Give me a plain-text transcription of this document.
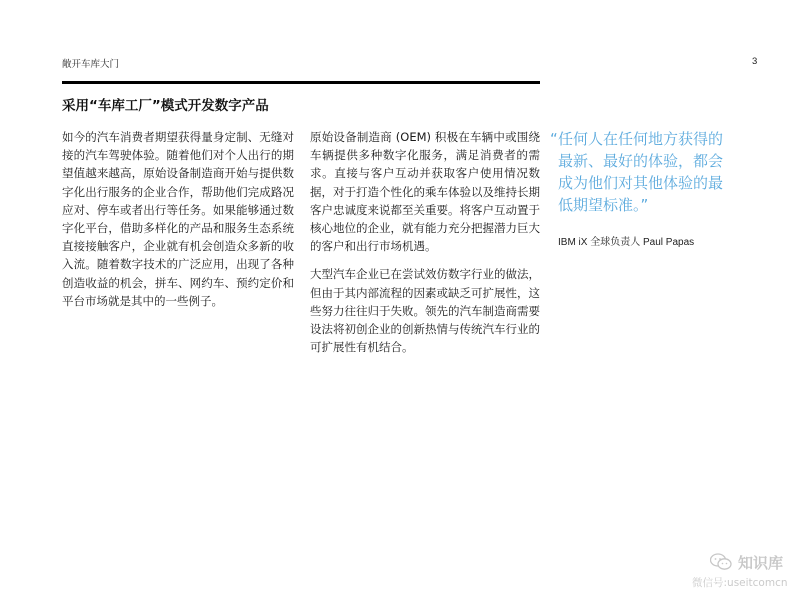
敞开车库大门	3
采用“车库工厂”模式开发数字产品

如今的汽车消费者期望获得量身定制、无缝对接的汽车驾驶体验。随着他们对个人出行的期望值越来越高，原始设备制造商开始与提供数字化出行服务的企业合作，帮助他们完成路况应对、停车或者出行等任务。如果能够通过数字化平台，借助多样化的产品和服务生态系统直接接触客户，企业就有机会创造众多新的收入流。随着数字技术的广泛应用，出现了各种创造收益的机会，拼车、网约车、预约定价和平台市场就是其中的一些例子。

原始设备制造商 (OEM) 积极在车辆中或围绕车辆提供多种数字化服务，满足消费者的需求。直接与客户互动并获取客户使用情况数据，对于打造个性化的乘车体验以及维持长期客户忠诚度来说都至关重要。将客户互动置于核心地位的企业，就有能力充分把握潜力巨大的客户和出行市场机遇。

大型汽车企业已在尝试效仿数字行业的做法，但由于其内部流程的因素或缺乏可扩展性，这些努力往往归于失败。领先的汽车制造商需要设法将初创企业的创新热情与传统汽车行业的可扩展性有机结合。

“ 任何人在任何地方获得的最新、最好的体验，都会成为他们对其他体验的最低期望标准。”
IBM iX 全球负责人 Paul Papas
知识库
微信号:useitcomcn
